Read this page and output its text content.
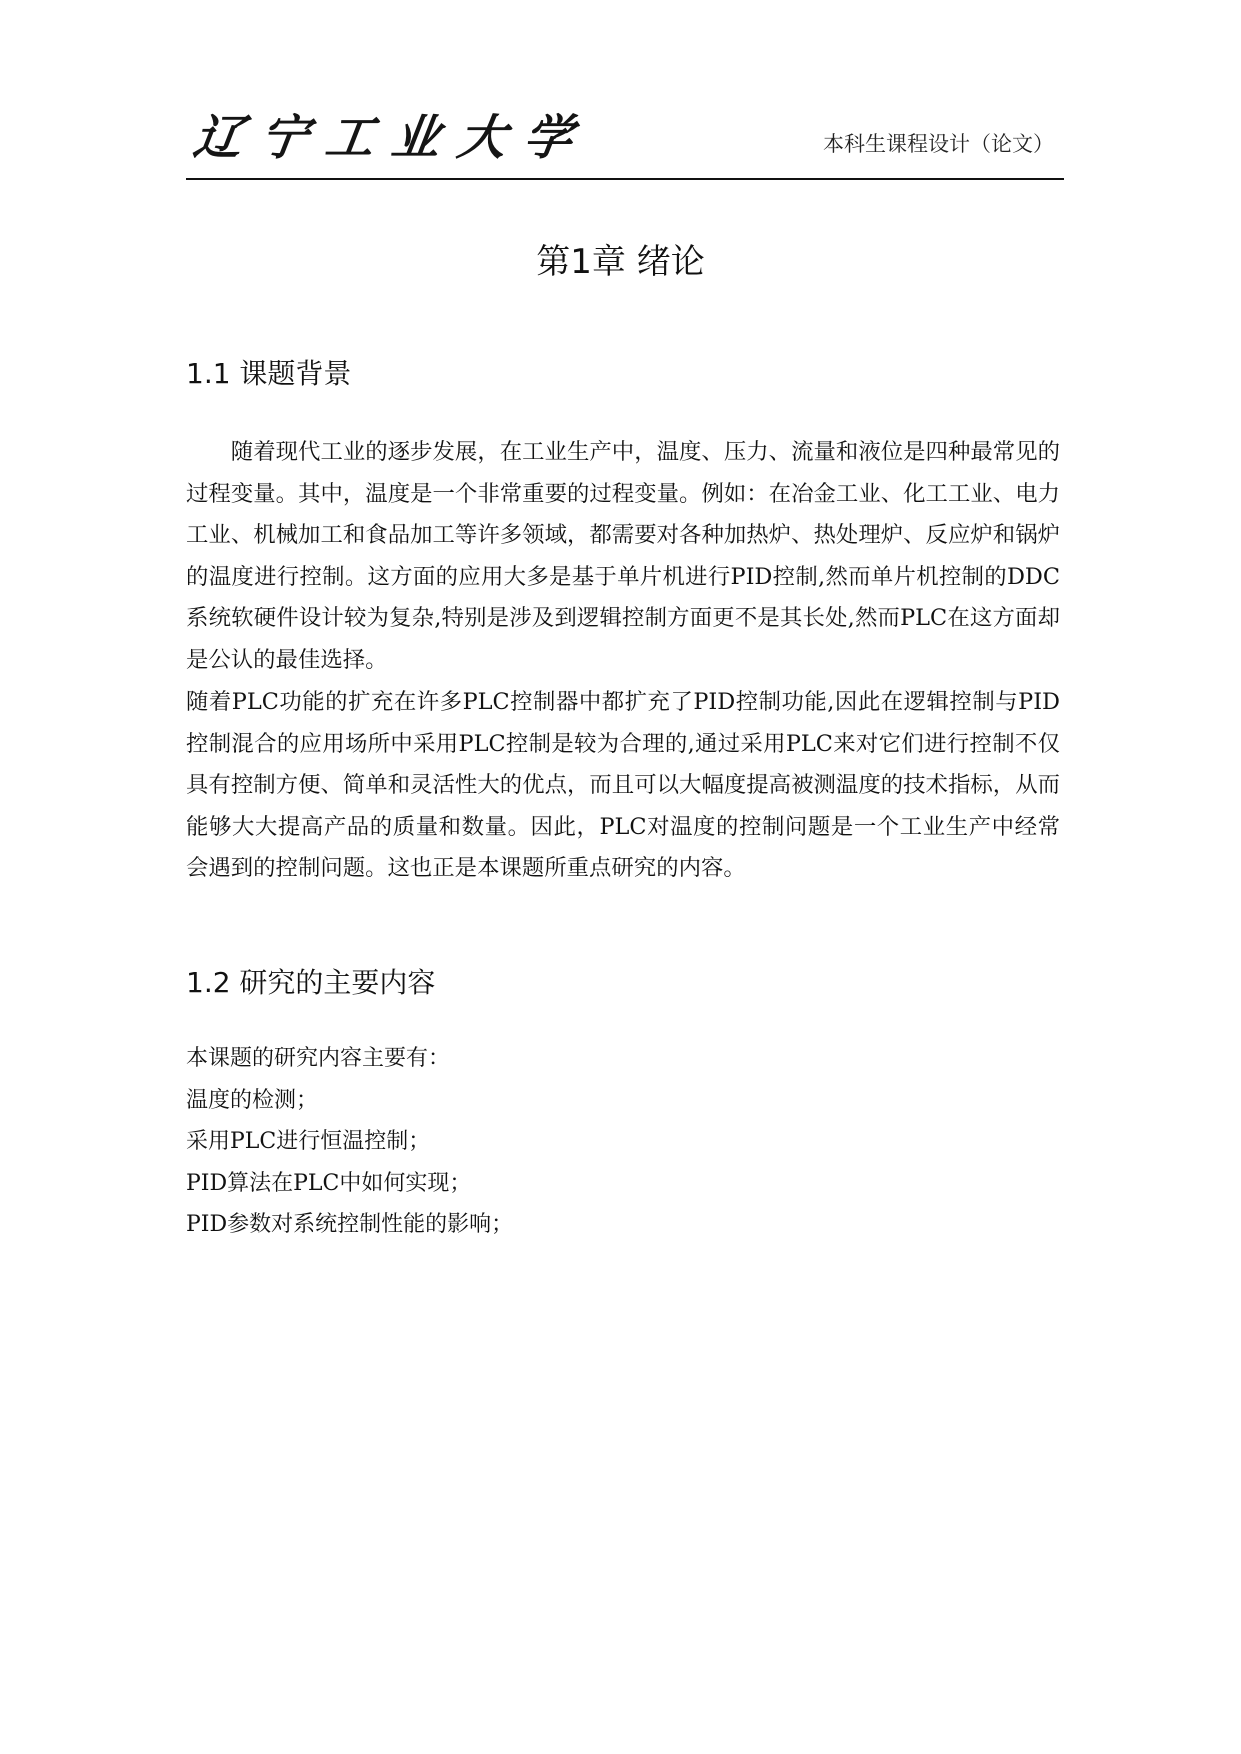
辽宁工业大学	本科生课程设计（论文）
第1章 绪论
1.1 课题背景
随着现代工业的逐步发展，在工业生产中，温度、压力、流量和液位是四种最常见的过程变量。其中，温度是一个非常重要的过程变量。例如：在冶金工业、化工工业、电力工业、机械加工和食品加工等许多领域，都需要对各种加热炉、热处理炉、反应炉和锅炉的温度进行控制。这方面的应用大多是基于单片机进行PID控制,然而单片机控制的DDC系统软硬件设计较为复杂,特别是涉及到逻辑控制方面更不是其长处,然而PLC在这方面却是公认的最佳选择。
随着PLC功能的扩充在许多PLC控制器中都扩充了PID控制功能,因此在逻辑控制与PID控制混合的应用场所中采用PLC控制是较为合理的,通过采用PLC来对它们进行控制不仅具有控制方便、简单和灵活性大的优点，而且可以大幅度提高被测温度的技术指标，从而能够大大提高产品的质量和数量。因此，PLC对温度的控制问题是一个工业生产中经常会遇到的控制问题。这也正是本课题所重点研究的内容。
1.2 研究的主要内容
本课题的研究内容主要有：
温度的检测；
采用PLC进行恒温控制；
PID算法在PLC中如何实现；
PID参数对系统控制性能的影响；
